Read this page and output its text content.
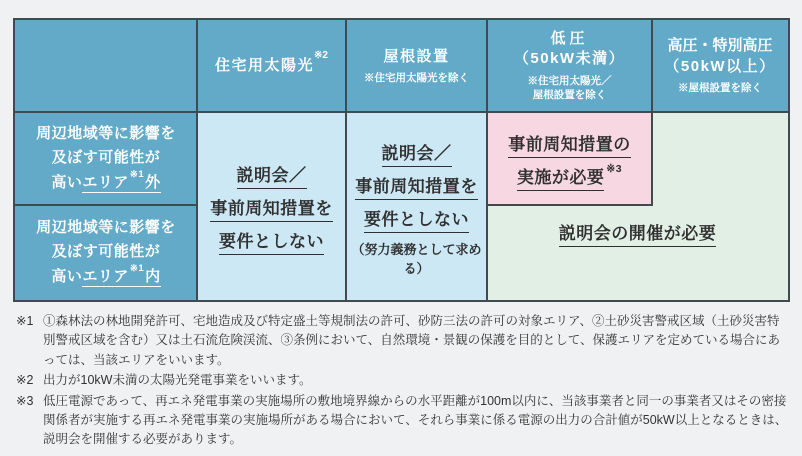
住宅用太陽光$^{※2}$	屋根設置
※住宅用太陽光を除く
低圧
（50kW未満）
※住宅用太陽光／
屋根設置を除く
高圧・特別高圧
（50kW以上）
※屋根設置を除く
周辺地域等に影響を
及ぼす可能性が
高いエリア$^{※1}$外
周辺地域等に影響を
及ぼす可能性が
高いエリア$^{※1}$内
説明会／
事前周知措置を
要件としない
説明会／
事前周知措置を
要件としない
（努力義務として求める）
事前周知措置の
実施が必要 $^{※3}$
説明会の開催が必要
※1 ①森林法の林地開発許可、宅地造成及び特定盛土等規制法の許可、砂防三法の許可の対象エリア、②土砂災害警戒区域（土砂災害特別警戒区域を含む）又は土石流危険渓流、③条例において、自然環境・景観の保護を目的として、保護エリアを定めている場合にあっては、当該エリアをいいます。
※2 出力が10kW未満の太陽光発電事業をいいます。
※3 低圧電源であって、再エネ発電事業の実施場所の敷地境界線からの水平距離が100m以内に、当該事業者と同一の事業者又はその密接関係者が実施する再エネ発電事業の実施場所がある場合において、それら事業に係る電源の出力の合計値が50kW以上となるときは、説明会を開催する必要があります。
